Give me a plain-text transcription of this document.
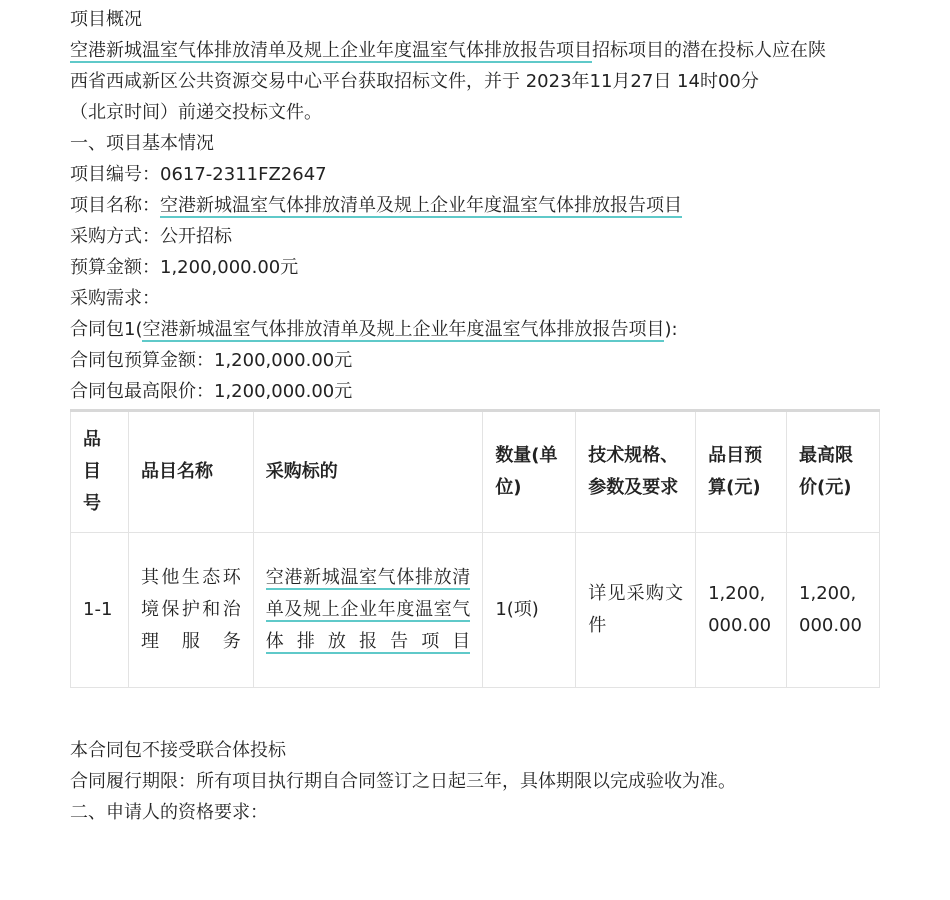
项目概况
空港新城温室气体排放清单及规上企业年度温室气体排放报告项目招标项目的潜在投标人应在陕
西省西咸新区公共资源交易中心平台获取招标文件，并于 2023年11月27日 14时00分
（北京时间）前递交投标文件。
一、项目基本情况
项目编号：0617-2311FZ2647
项目名称：空港新城温室气体排放清单及规上企业年度温室气体排放报告项目
采购方式：公开招标
预算金额：1,200,000.00元
采购需求：
合同包1(空港新城温室气体排放清单及规上企业年度温室气体排放报告项目):
合同包预算金额：1,200,000.00元
合同包最高限价：1,200,000.00元
品目号	品目名称	采购标的	数量(单位)	技术规格、参数及要求	品目预算(元)	最高限价(元)
1-1	其他生态环境保护和治理服务	空港新城温室气体排放清单及规上企业年度温室气体排放报告项目	1(项)	详见采购文件	1,200,000.00	1,200,000.00
本合同包不接受联合体投标
合同履行期限：所有项目执行期自合同签订之日起三年，具体期限以完成验收为准。
二、申请人的资格要求：
